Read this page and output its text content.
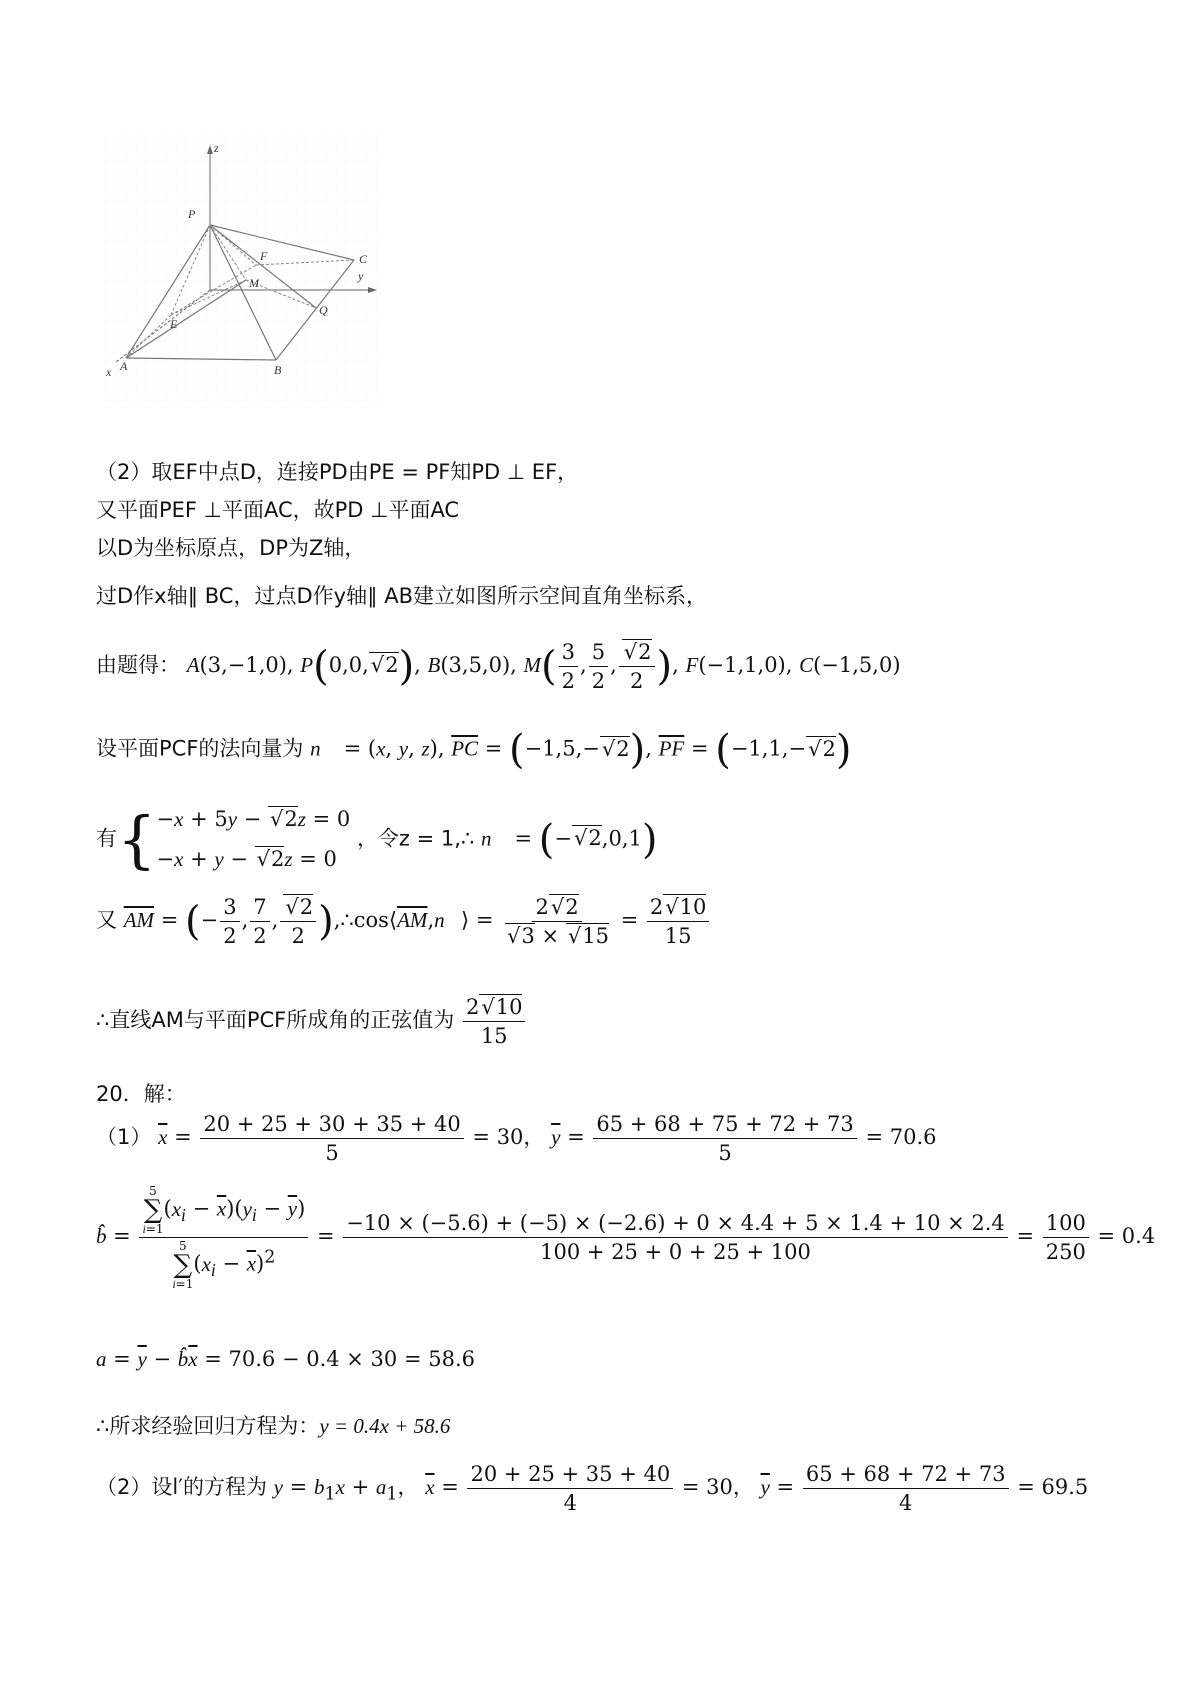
z
P
C
y
F
M
E
Q
B
A
x
（2）取EF中点D，连接PD由PE = PF知PD ⊥ EF，
又平面PEF ⊥平面AC，故PD ⊥平面AC
以D为坐标原点，DP为Z轴，
过D作x轴∥ BC，过点D作y轴∥ AB建立如图所示空间直角坐标系，
由题得： A(3,−1,0), P(0,0, √ 2), B(3,5,0), $M( \frac{3}{2}$ , $\frac{5}{2}$ , √ $\frac{2}{2}$ ), F(−1,1,0), C(−1,5,0)
设平面PCF的法向量为 n⃗ = (x, y, z), $\overline{PC} = (-1,5,-$ √ 2), $\overline{PF} = (-1,1,-$ √ 2)
有{ −x + 5y − √ 2z = 0
−x + y − √ 2z = 0
，令z = 1,∴ n⃗ = (− √ 2,0,1)
又 $\overline{AM}$ = (− $\frac{3}{2}$ , $\frac{7}{2}$ , √ $\frac{2}{2}$ )$,\therefore\cos⟨\overline{AM},n⃗⟩ = 2$ √ 2
√ 3 × √ $15 = \frac{2 √ 10}{15}$
∴直线AM与平面PCF所成角的正弦值为 $\frac{2 √ 10}{15}$
20．解：
（1） $\overline{x} = \frac{20 + 25 + 30 + 35 + 40}{5} = 30$， $\overline{y} = \frac{65 + 68 + 75 + 72 + 73}{5} = 70.6$
b̂ = 5
∑
i=1
$(x_i - \overline{x})(y_i - \overline{y})$
5
∑
i=1
$(x_i - \overline{x})^2 = \frac{-10 \times (-5.6) + (-5) \times (-2.6) + 0 \times 4.4 + 5 \times 1.4 + 10 \times 2.4}{100 + 25 + 0 + 25 + 100} = \frac{100}{250} = 0.4$
$a = \overline{y}$ − $b̂\overline{x} = 70.6 - 0.4 \times 30 = 58.6$
∴所求经验回归方程为：y = 0.4x + 58.6
（2）设l′的方程为 $y = b_1x + a_1$， $\overline{x} = \frac{20 + 25 + 35 + 40}{4} = 30$， $\overline{y} = \frac{65 + 68 + 72 + 73}{4} = 69.5$
